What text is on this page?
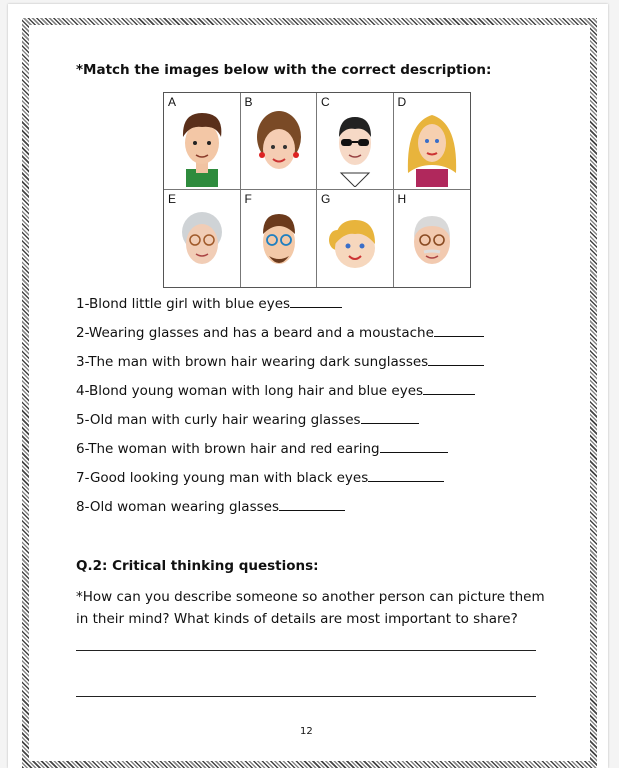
*Match the images below with the correct description:
A	B	C	D
E	F	G	H
1-Blond little girl with blue eyes
2-Wearing glasses and has a beard and a moustache
3-The man with brown hair wearing dark sunglasses
4-Blond young woman with long hair and blue eyes
5-Old man with curly hair wearing glasses
6-The woman with brown hair and red earing
7-Good looking young man with black eyes
8-Old woman wearing glasses
Q.2: Critical thinking questions:
*How can you describe someone so another person can picture them in their mind? What kinds of details are most important to share?
12
